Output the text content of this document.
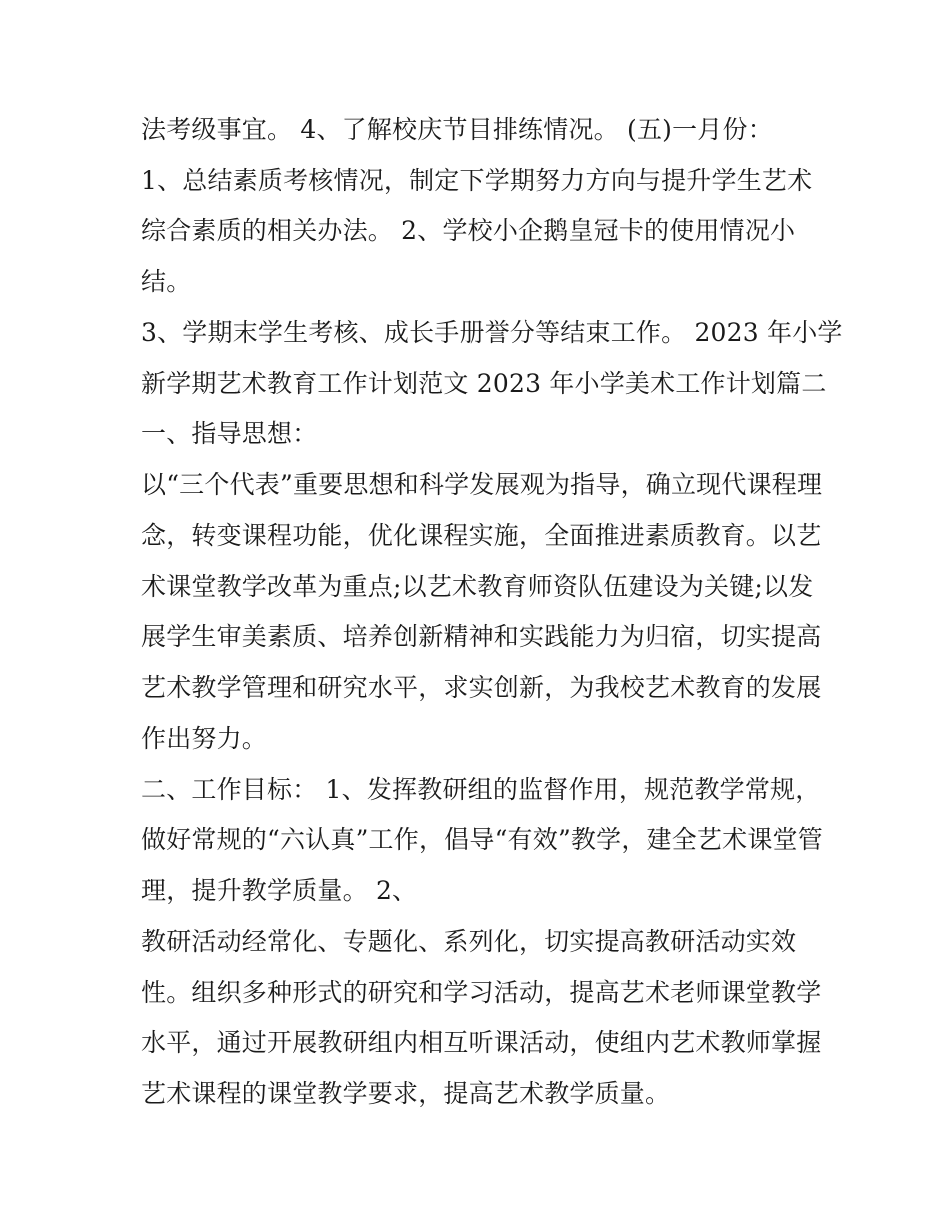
法考级事宜。 4、了解校庆节目排练情况。 (五)一月份：

1、总结素质考核情况，制定下学期努力方向与提升学生艺术

综合素质的相关办法。 2、学校小企鹅皇冠卡的使用情况小

结。

3、学期末学生考核、成长手册誉分等结束工作。 2023 年小学

新学期艺术教育工作计划范文 2023 年小学美术工作计划篇二

一、指导思想：

以“三个代表”重要思想和科学发展观为指导，确立现代课程理

念，转变课程功能，优化课程实施，全面推进素质教育。以艺

术课堂教学改革为重点;以艺术教育师资队伍建设为关键;以发

展学生审美素质、培养创新精神和实践能力为归宿，切实提高

艺术教学管理和研究水平，求实创新，为我校艺术教育的发展

作出努力。

二、工作目标： 1、发挥教研组的监督作用，规范教学常规，

做好常规的“六认真”工作，倡导“有效”教学，建全艺术课堂管

理，提升教学质量。 2、

教研活动经常化、专题化、系列化，切实提高教研活动实效

性。组织多种形式的研究和学习活动，提高艺术老师课堂教学

水平，通过开展教研组内相互听课活动，使组内艺术教师掌握

艺术课程的课堂教学要求，提高艺术教学质量。
